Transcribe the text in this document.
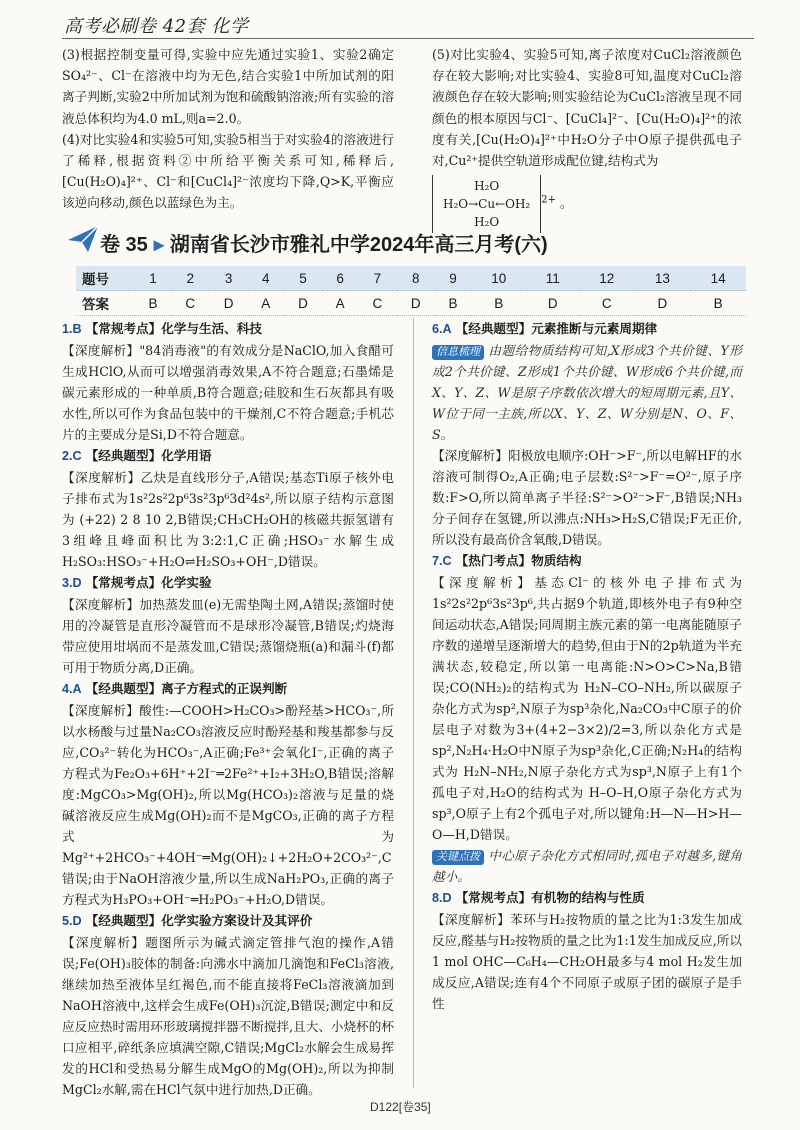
高考必刷卷 42套 化学

(3)根据控制变量可得,实验中应先通过实验1、实验2确定SO₄²⁻、Cl⁻在溶液中均为无色,结合实验1中所加试剂的阳离子判断,实验2中所加试剂为饱和硫酸钠溶液;所有实验的溶液总体积均为4.0 mL,则a=2.0。

(4)对比实验4和实验5可知,实验5相当于对实验4的溶液进行了稀释,根据资料②中所给平衡关系可知,稀释后,[Cu(H₂O)₄]²⁺、Cl⁻和[CuCl₄]²⁻浓度均下降,Q>K,平衡应该逆向移动,颜色以蓝绿色为主。

(5)对比实验4、实验5可知,离子浓度对CuCl₂溶液颜色存在较大影响;对比实验4、实验8可知,温度对CuCl₂溶液颜色存在较大影响;则实验结论为CuCl₂溶液呈现不同颜色的根本原因与Cl⁻、[CuCl₄]²⁻、[Cu(H₂O)₄]²⁺的浓度有关,[Cu(H₂O)₄]²⁺中H₂O分子中O原子提供孤电子对,Cu²⁺提供空轨道形成配位键,结构式为

H₂O
H₂O→Cu←OH₂
$H_2O^{2+}$ 。
卷 35 ▸ 湖南省长沙市雅礼中学2024年高三月考(六)
题号	1	2	3	4	5	6	7	8	9	10	11	12	13	14
答案	B	C	D	A	D	A	C	D	B	B	D	C	D	B

1.B 【常规考点】化学与生活、科技

【深度解析】"84消毒液"的有效成分是NaClO,加入食醋可生成HClO,从而可以增强消毒效果,A不符合题意;石墨烯是碳元素形成的一种单质,B符合题意;硅胶和生石灰都具有吸水性,所以可作为食品包装中的干燥剂,C不符合题意;手机芯片的主要成分是Si,D不符合题意。

2.C 【经典题型】化学用语

【深度解析】乙炔是直线形分子,A错误;基态Ti原子核外电子排布式为1s²2s²2p⁶3s²3p⁶3d²4s²,所以原子结构示意图为 (+22) 2 8 10 2,B错误;CH₃CH₂OH的核磁共振氢谱有3组峰且峰面积比为3:2:1,C正确;HSO₃⁻水解生成H₂SO₃:HSO₃⁻+H₂O⇌H₂SO₃+OH⁻,D错误。

3.D 【常规考点】化学实验

【深度解析】加热蒸发皿(e)无需垫陶土网,A错误;蒸馏时使用的冷凝管是直形冷凝管而不是球形冷凝管,B错误;灼烧海带应使用坩埚而不是蒸发皿,C错误;蒸馏烧瓶(a)和漏斗(f)都可用于物质分离,D正确。

4.A 【经典题型】离子方程式的正误判断

【深度解析】酸性:—COOH>H₂CO₃>酚羟基>HCO₃⁻,所以水杨酸与过量Na₂CO₃溶液反应时酚羟基和羧基都参与反应,CO₃²⁻转化为HCO₃⁻,A正确;Fe³⁺会氧化I⁻,正确的离子方程式为Fe₂O₃+6H⁺+2I⁻═2Fe²⁺+I₂+3H₂O,B错误;溶解度:MgCO₃>Mg(OH)₂,所以Mg(HCO₃)₂溶液与足量的烧碱溶液反应生成Mg(OH)₂而不是MgCO₃,正确的离子方程式为Mg²⁺+2HCO₃⁻+4OH⁻═Mg(OH)₂↓+2H₂O+2CO₃²⁻,C错误;由于NaOH溶液少量,所以生成NaH₂PO₃,正确的离子方程式为H₃PO₃+OH⁻═H₂PO₃⁻+H₂O,D错误。

5.D 【经典题型】化学实验方案设计及其评价

【深度解析】题图所示为碱式滴定管排气泡的操作,A错误;Fe(OH)₃胶体的制备:向沸水中滴加几滴饱和FeCl₃溶液,继续加热至液体呈红褐色,而不能直接将FeCl₃溶液滴加到NaOH溶液中,这样会生成Fe(OH)₃沉淀,B错误;测定中和反应反应热时需用环形玻璃搅拌器不断搅拌,且大、小烧杯的杯口应相平,碎纸条应填满空隙,C错误;MgCl₂水解会生成易挥发的HCl和受热易分解生成MgO的Mg(OH)₂,所以为抑制MgCl₂水解,需在HCl气氛中进行加热,D正确。

6.A 【经典题型】元素推断与元素周期律

信息梳理 由题给物质结构可知,X形成3个共价键、Y形成2个共价键、Z形成1个共价键、W形成6个共价键,而X、Y、Z、W是原子序数依次增大的短周期元素,且Y、W位于同一主族,所以X、Y、Z、W分别是N、O、F、S。

【深度解析】阳极放电顺序:OH⁻>F⁻,所以电解HF的水溶液可制得O₂,A正确;电子层数:S²⁻>F⁻=O²⁻,原子序数:F>O,所以简单离子半径:S²⁻>O²⁻>F⁻,B错误;NH₃分子间存在氢键,所以沸点:NH₃>H₂S,C错误;F无正价,所以没有最高价含氧酸,D错误。

7.C 【热门考点】物质结构

【深度解析】基态Cl⁻的核外电子排布式为1s²2s²2p⁶3s²3p⁶,共占据9个轨道,即核外电子有9种空间运动状态,A错误;同周期主族元素的第一电离能随原子序数的递增呈逐渐增大的趋势,但由于N的2p轨道为半充满状态,较稳定,所以第一电离能:N>O>C>Na,B错误;CO(NH₂)₂的结构式为 H₂N–CO–NH₂,所以碳原子杂化方式为sp²,N原子为sp³杂化,Na₂CO₃中C原子的价层电子对数为3+(4+2−3×2)/2=3,所以杂化方式是sp²,N₂H₄·H₂O中N原子为sp³杂化,C正确;N₂H₄的结构式为 H₂N–NH₂,N原子杂化方式为sp³,N原子上有1个孤电子对,H₂O的结构式为 H–O–H,O原子杂化方式为sp³,O原子上有2个孤电子对,所以键角:H—N—H>H—O—H,D错误。

关键点拨 中心原子杂化方式相同时,孤电子对越多,键角越小。

8.D 【常规考点】有机物的结构与性质

【深度解析】苯环与H₂按物质的量之比为1:3发生加成反应,醛基与H₂按物质的量之比为1:1发生加成反应,所以1 mol OHC—C₆H₄—CH₂OH最多与4 mol H₂发生加成反应,A错误;连有4个不同原子或原子团的碳原子是手性

D122[卷35]
